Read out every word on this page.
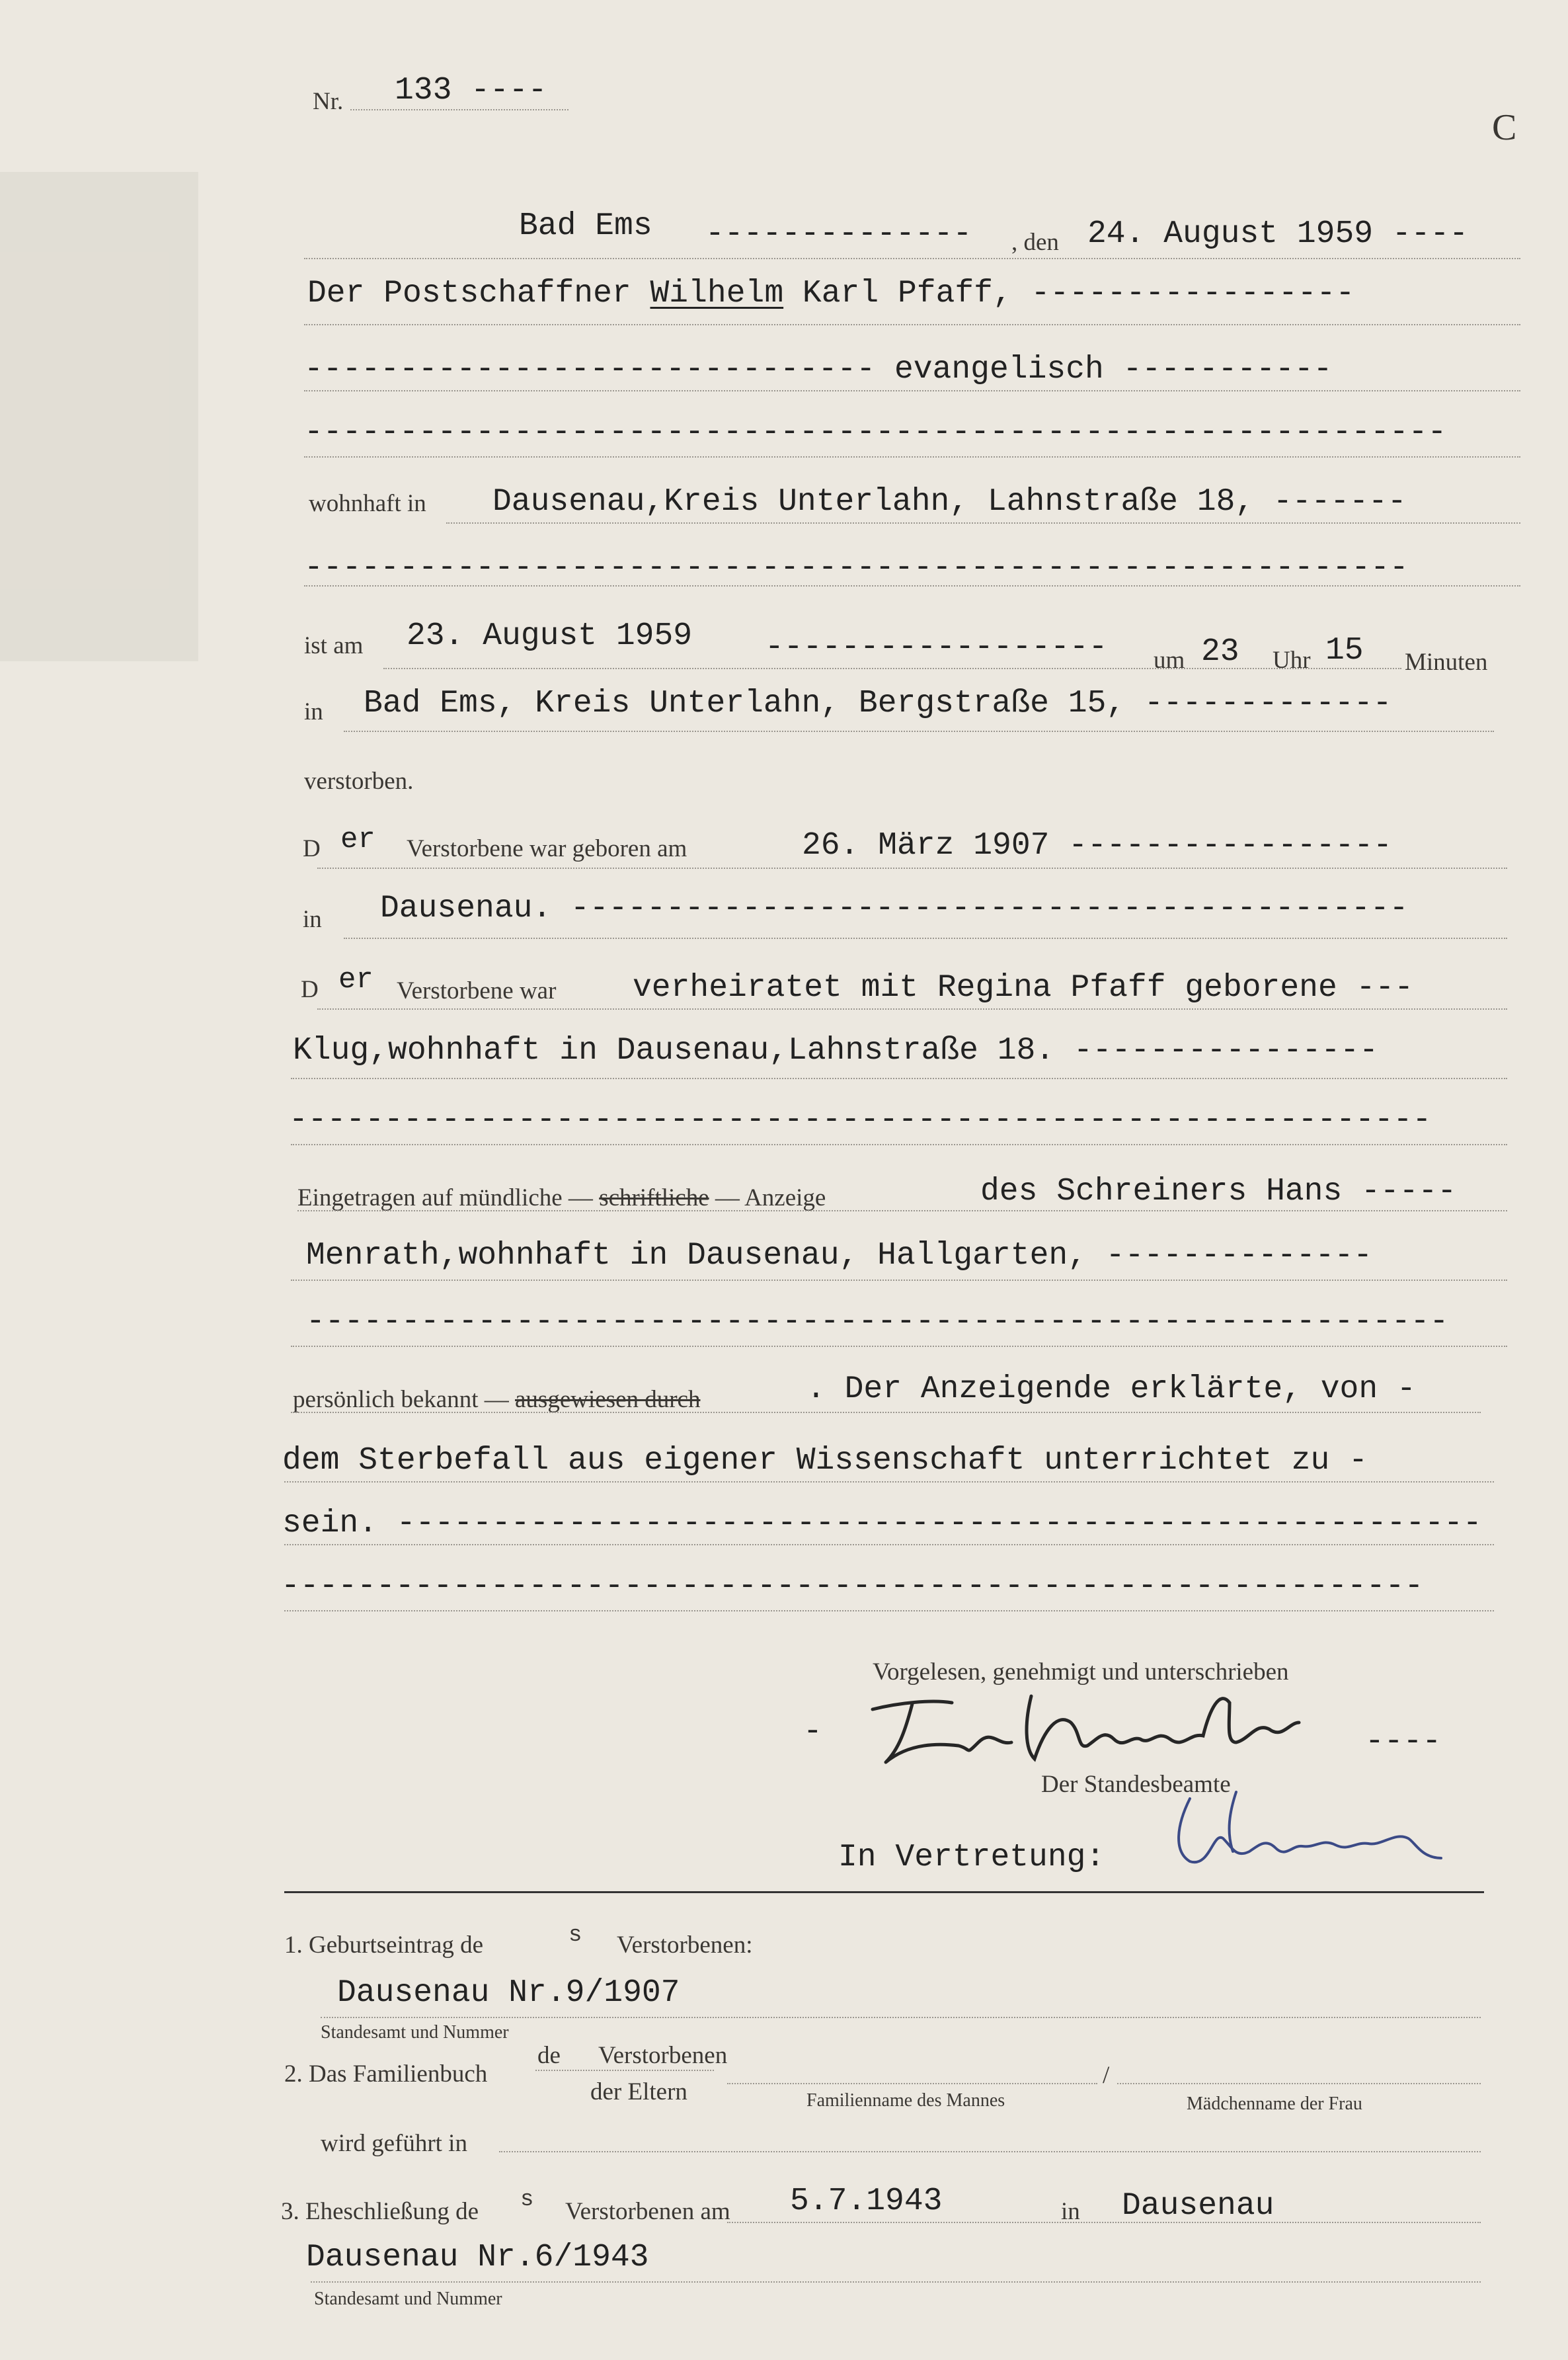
Nr. 133 ----
C
Bad Ems -------------- , den 24. August 1959 ----
Der Postschaffner Wilhelm Karl Pfaff, -----------------
------------------------------ evangelisch -----------
------------------------------------------------------------
wohnhaft in Dausenau,Kreis Unterlahn, Lahnstraße 18, -------
----------------------------------------------------------
ist am 23. August 1959 ------------------ um 23 Uhr 15 Minuten
in Bad Ems, Kreis Unterlahn, Bergstraße 15, -------------
verstorben.
D er Verstorbene war geboren am	26. März 1907 -----------------
in Dausenau. --------------------------------------------
D er Verstorbene war verheiratet mit Regina Pfaff geborene ---
Klug,wohnhaft in Dausenau,Lahnstraße 18. ----------------
------------------------------------------------------------
Eingetragen auf mündliche — schriftliche — Anzeige	des Schreiners Hans -----
Menrath,wohnhaft in Dausenau, Hallgarten, --------------
------------------------------------------------------------
persönlich bekannt — ausgewiesen durch	. Der Anzeigende erklärte, von -
dem Sterbefall aus eigener Wissenschaft unterrichtet zu -
sein. ---------------------------------------------------------
------------------------------------------------------------
Vorgelesen, genehmigt und unterschrieben
-	----
Der Standesbeamte
In Vertretung:
1. Geburtseintrag de	s Verstorbenen:
Dausenau Nr.9/1907
Standesamt und Nummer
2. Das Familienbuch
de Verstorbenen
der Eltern
/
Familienname des Mannes	Mädchenname der Frau
wird geführt in
3. Eheschließung de s Verstorbenen am 5.7.1943	in Dausenau
Dausenau Nr.6/1943
Standesamt und Nummer
